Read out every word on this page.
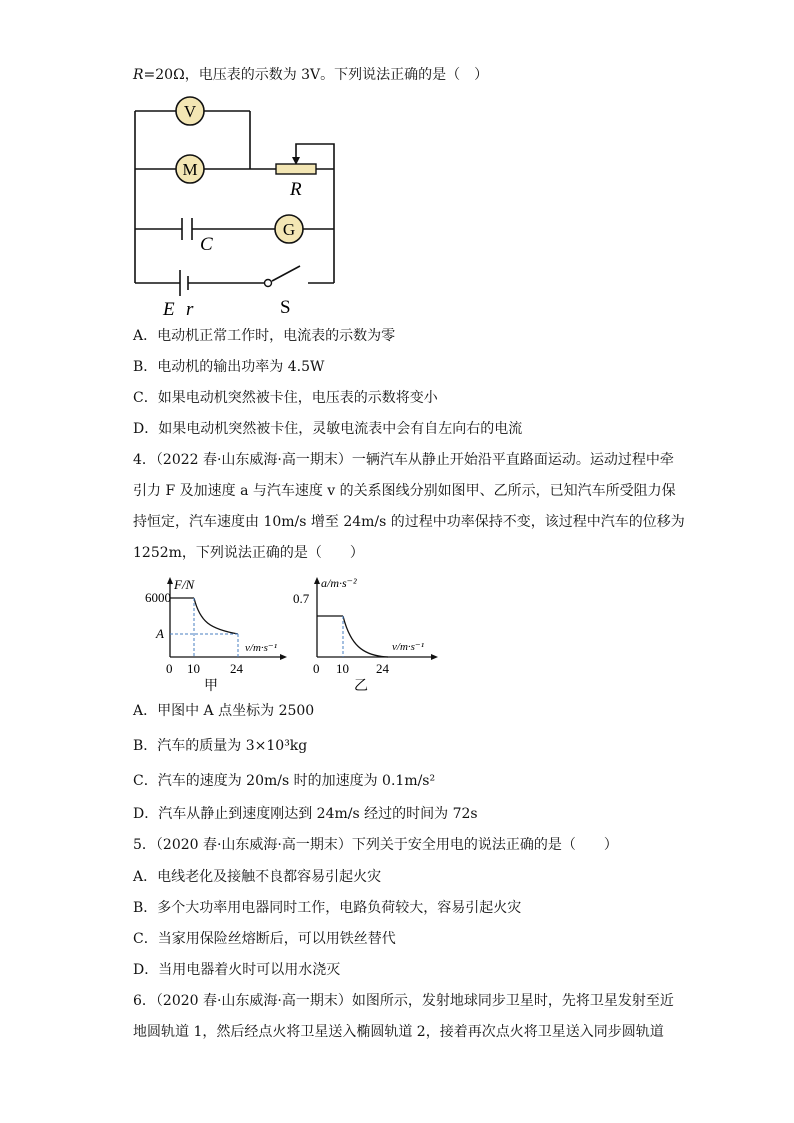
R=20Ω，电压表的示数为 3V。下列说法正确的是（　）
V
M
G
R
C
E r	S
A．电动机正常工作时，电流表的示数为零
B．电动机的输出功率为 4.5W
C．如果电动机突然被卡住，电压表的示数将变小
D．如果电动机突然被卡住，灵敏电流表中会有自左向右的电流
4．（2022 春·山东威海·高一期末）一辆汽车从静止开始沿平直路面运动。运动过程中牵
引力 F 及加速度 a 与汽车速度 v 的关系图线分别如图甲、乙所示，已知汽车所受阻力保
持恒定，汽车速度由 10m/s 增至 24m/s 的过程中功率保持不变，该过程中汽车的位移为
1252m，下列说法正确的是（　　）
F/N
6000
A
v/m·s⁻¹
0 10 24
甲
a/m·s⁻²
0.7
v/m·s⁻¹
0 10 24
乙
A．甲图中 A 点坐标为 2500
B．汽车的质量为 3×10³kg
C．汽车的速度为 20m/s 时的加速度为 0.1m/s²
D．汽车从静止到速度刚达到 24m/s 经过的时间为 72s
5．（2020 春·山东威海·高一期末）下列关于安全用电的说法正确的是（　　）
A．电线老化及接触不良都容易引起火灾
B．多个大功率用电器同时工作，电路负荷较大，容易引起火灾
C．当家用保险丝熔断后，可以用铁丝替代
D．当用电器着火时可以用水浇灭
6．（2020 春·山东威海·高一期末）如图所示，发射地球同步卫星时，先将卫星发射至近
地圆轨道 1，然后经点火将卫星送入椭圆轨道 2，接着再次点火将卫星送入同步圆轨道
